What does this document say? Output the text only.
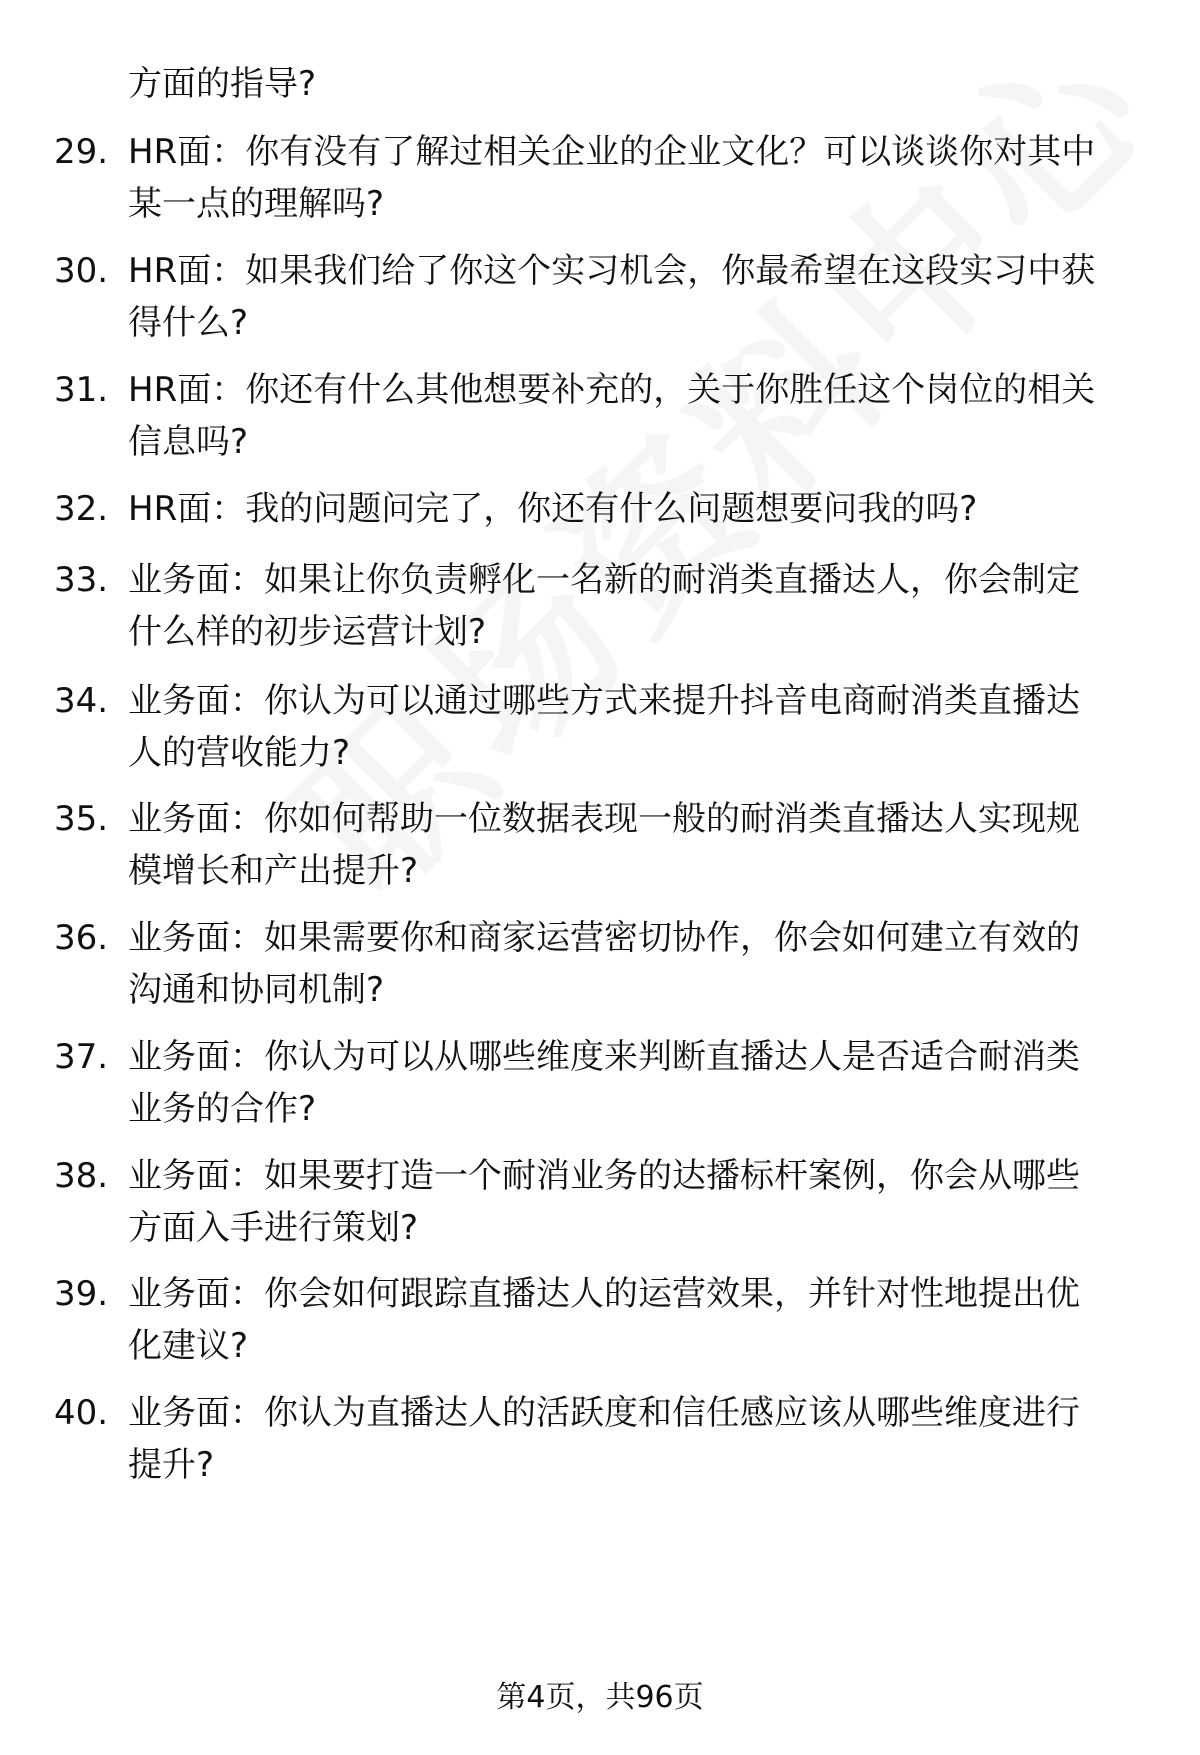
方面的指导?
29. HR面：你有没有了解过相关企业的企业文化？可以谈谈你对其中
某一点的理解吗?
30. HR面：如果我们给了你这个实习机会，你最希望在这段实习中获
得什么?
31. HR面：你还有什么其他想要补充的，关于你胜任这个岗位的相关
信息吗?
32. HR面：我的问题问完了，你还有什么问题想要问我的吗?
33. 业务面：如果让你负责孵化一名新的耐消类直播达人，你会制定
什么样的初步运营计划?
34. 业务面：你认为可以通过哪些方式来提升抖音电商耐消类直播达
人的营收能力?
35. 业务面：你如何帮助一位数据表现一般的耐消类直播达人实现规
模增长和产出提升?
36. 业务面：如果需要你和商家运营密切协作，你会如何建立有效的
沟通和协同机制?
37. 业务面：你认为可以从哪些维度来判断直播达人是否适合耐消类
业务的合作?
38. 业务面：如果要打造一个耐消业务的达播标杆案例，你会从哪些
方面入手进行策划?
39. 业务面：你会如何跟踪直播达人的运营效果，并针对性地提出优
化建议?
40. 业务面：你认为直播达人的活跃度和信任感应该从哪些维度进行
提升?
第4页，共96页
